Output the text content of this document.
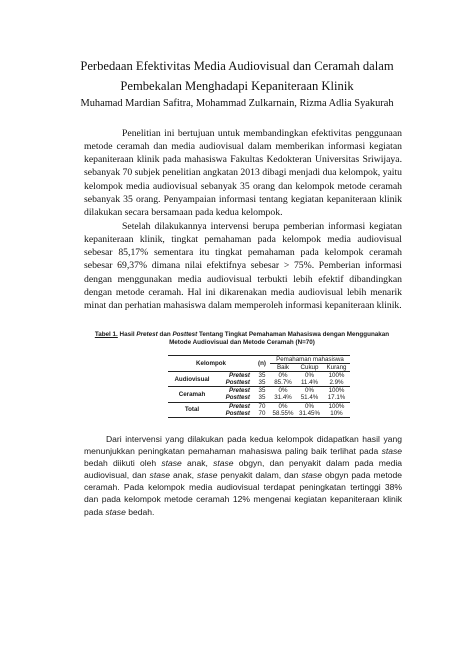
Perbedaan Efektivitas Media Audiovisual dan Ceramah dalam
Pembekalan Menghadapi Kepaniteraan Klinik
Muhamad Mardian Safitra, Mohammad Zulkarnain, Rizma Adlia Syakurah
Penelitian ini bertujuan untuk membandingkan efektivitas penggunaan metode ceramah dan media audiovisual dalam memberikan informasi kegiatan kepaniteraan klinik pada mahasiswa Fakultas Kedokteran Universitas Sriwijaya. sebanyak 70 subjek penelitian angkatan 2013 dibagi menjadi dua kelompok, yaitu kelompok media audiovisual sebanyak 35 orang dan kelompok metode ceramah sebanyak 35 orang. Penyampaian informasi tentang kegiatan kepaniteraan klinik dilakukan secara bersamaan pada kedua kelompok.
Setelah dilakukannya intervensi berupa pemberian informasi kegiatan kepaniteraan klinik, tingkat pemahaman pada kelompok media audiovisual sebesar 85,17% sementara itu tingkat pemahaman pada kelompok ceramah sebesar 69,37% dimana nilai efektifnya sebesar > 75%. Pemberian informasi dengan menggunakan media audiovisual terbukti lebih efektif dibandingkan dengan metode ceramah. Hal ini dikarenakan media audiovisual lebih menarik minat dan perhatian mahasiswa dalam memperoleh informasi kepaniteraan klinik.
Tabel 1. Hasil Pretest dan Posttest Tentang Tingkat Pemahaman Mahasiswa dengan Menggunakan
Metode Audiovisual dan Metode Ceramah (N=70)
Kelompok		(n)	Pemahaman mahasiswa		
			Baik	Cukup	Kurang
Audiovisual	Pretest	35	0%	0%	100%
	Posttest	35	85.7%	11.4%	2.9%
Ceramah	Pretest	35	0%	0%	100%
	Posttest	35	31.4%	51.4%	17.1%
Total	Pretest	70	0%	0%	100%
	Posttest	70	58.55%	31.45%	10%
Dari intervensi yang dilakukan pada kedua kelompok didapatkan hasil yang menunjukkan peningkatan pemahaman mahasiswa paling baik terlihat pada stase bedah diikuti oleh stase anak, stase obgyn, dan penyakit dalam pada media audiovisual, dan stase anak, stase penyakit dalam, dan stase obgyn pada metode ceramah. Pada kelompok media audiovisual terdapat peningkatan tertinggi 38% dan pada kelompok metode ceramah 12% mengenai kegiatan kepaniteraan klinik pada stase bedah.
